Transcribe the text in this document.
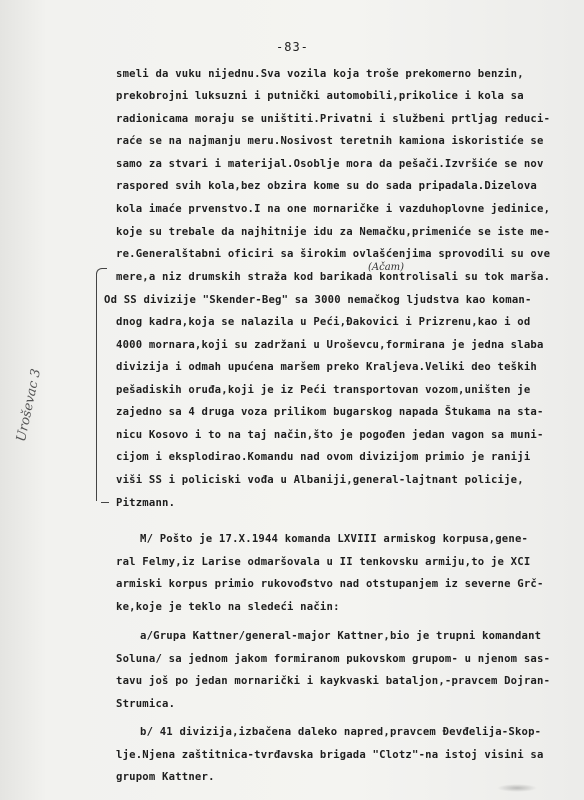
-83-
smeli da vuku nijednu.Sva vozila koja troše prekomerno benzin,
prekobrojni luksuzni i putnički automobili,prikolice i kola sa
radionicama moraju se uništiti.Privatni i službeni prtljag reduci-
raće se na najmanju meru.Nosivost teretnih kamiona iskoristiće se
samo za stvari i materijal.Osoblje mora da pešači.Izvršiće se nov
raspored svih kola,bez obzira kome su do sada pripadala.Dizelova
kola imaće prvenstvo.I na one mornaričke i vazduhoplovne jedinice,
koje su trebale da najhitnije idu za Nemačku,primeniće se iste me-
re.Generalštabni oficiri sa širokim ovlašćenjima sprovodili su ove
(Ačam)
mere,a niz drumskih straža kod barikada kontrolisali su tok marša.
Od SS divizije "Skender-Beg" sa 3000 nemačkog ljudstva kao koman-
dnog kadra,koja se nalazila u Peći,Đakovici i Prizrenu,kao i od
4000 mornara,koji su zadržani u Uroševcu,formirana je jedna slaba
divizija i odmah upućena maršem preko Kraljeva.Veliki deo teških
pešadiskih oruđa,koji je iz Peći transportovan vozom,uništen je
zajedno sa 4 druga voza prilikom bugarskog napada Štukama na sta-
nicu Kosovo i to na taj način,što je pogođen jedan vagon sa muni-
cijom i eksplodirao.Komandu nad ovom divizijom primio je raniji
viši SS i policiski vođa u Albaniji,general-lajtnant policije,
Pitzmann.
M/ Pošto je 17.X.1944 komanda LXVIII armiskog korpusa,gene-
ral Felmy,iz Larise odmaršovala u II tenkovsku armiju,to je XCI
armiski korpus primio rukovođstvo nad otstupanjem iz severne Grč-
ke,koje je teklo na sledeći način:
a/Grupa Kattner/general-major Kattner,bio je trupni komandant
Soluna/ sa jednom jakom formiranom pukovskom grupom- u njenom sas-
tavu još po jedan mornarički i kaykvaski bataljon,-pravcem Dojran-
Strumica.
b/ 41 divizija,izbačena daleko napred,pravcem Đevđelija-Skop-
lje.Njena zaštitnica-tvrđavska brigada "Clotz"-na istoj visini sa
grupom Kattner.
Uroševac 3
